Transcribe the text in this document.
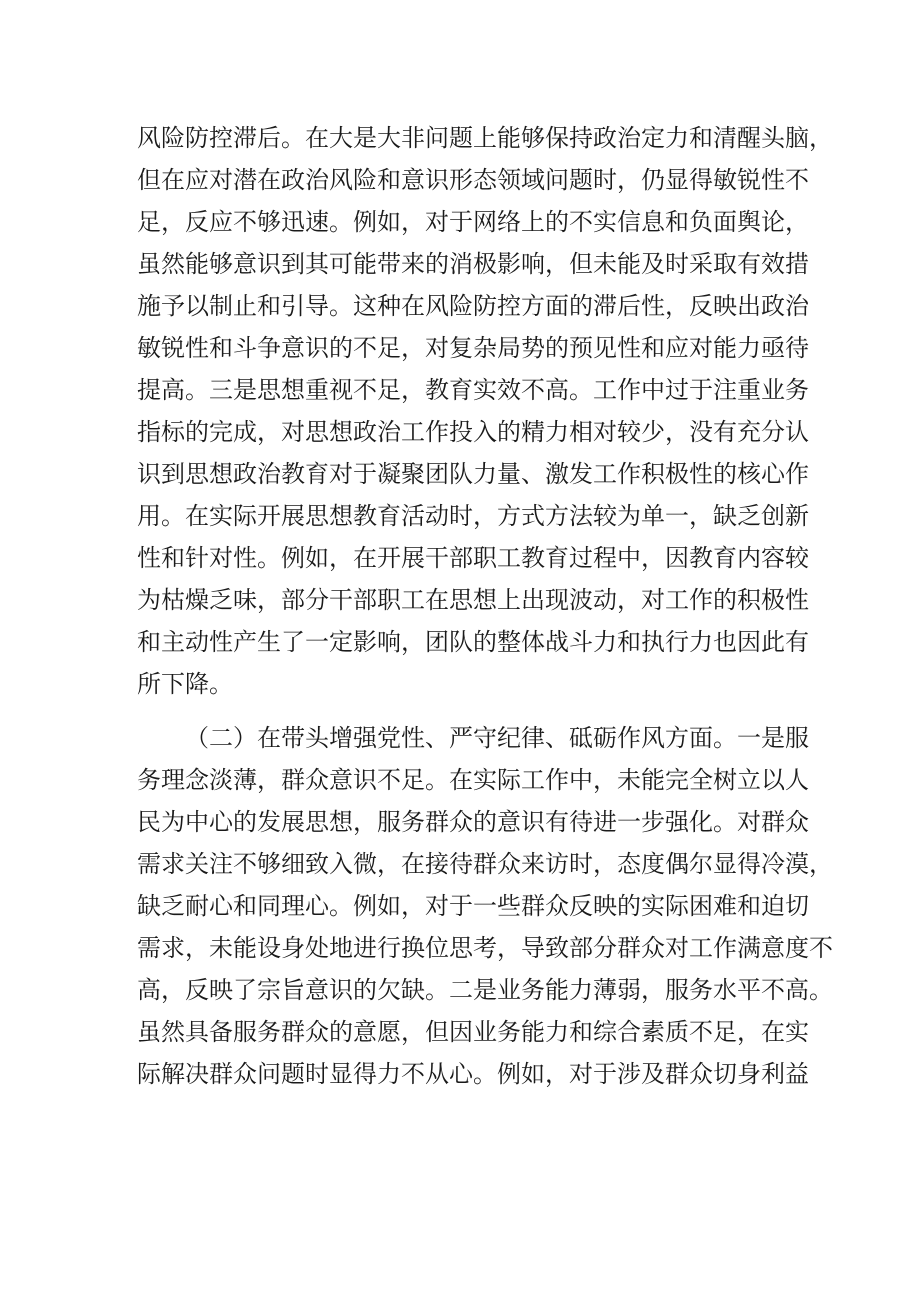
风险防控滞后。在大是大非问题上能够保持政治定力和清醒头脑，
但在应对潜在政治风险和意识形态领域问题时，仍显得敏锐性不
足，反应不够迅速。例如，对于网络上的不实信息和负面舆论，
虽然能够意识到其可能带来的消极影响，但未能及时采取有效措
施予以制止和引导。这种在风险防控方面的滞后性，反映出政治
敏锐性和斗争意识的不足，对复杂局势的预见性和应对能力亟待
提高。三是思想重视不足，教育实效不高。工作中过于注重业务
指标的完成，对思想政治工作投入的精力相对较少，没有充分认
识到思想政治教育对于凝聚团队力量、激发工作积极性的核心作
用。在实际开展思想教育活动时，方式方法较为单一，缺乏创新
性和针对性。例如，在开展干部职工教育过程中，因教育内容较
为枯燥乏味，部分干部职工在思想上出现波动，对工作的积极性
和主动性产生了一定影响，团队的整体战斗力和执行力也因此有
所下降。
（二）在带头增强党性、严守纪律、砥砺作风方面。一是服
务理念淡薄，群众意识不足。在实际工作中，未能完全树立以人
民为中心的发展思想，服务群众的意识有待进一步强化。对群众
需求关注不够细致入微，在接待群众来访时，态度偶尔显得冷漠，
缺乏耐心和同理心。例如，对于一些群众反映的实际困难和迫切
需求，未能设身处地进行换位思考，导致部分群众对工作满意度不
高，反映了宗旨意识的欠缺。二是业务能力薄弱，服务水平不高。
虽然具备服务群众的意愿，但因业务能力和综合素质不足，在实
际解决群众问题时显得力不从心。例如，对于涉及群众切身利益
